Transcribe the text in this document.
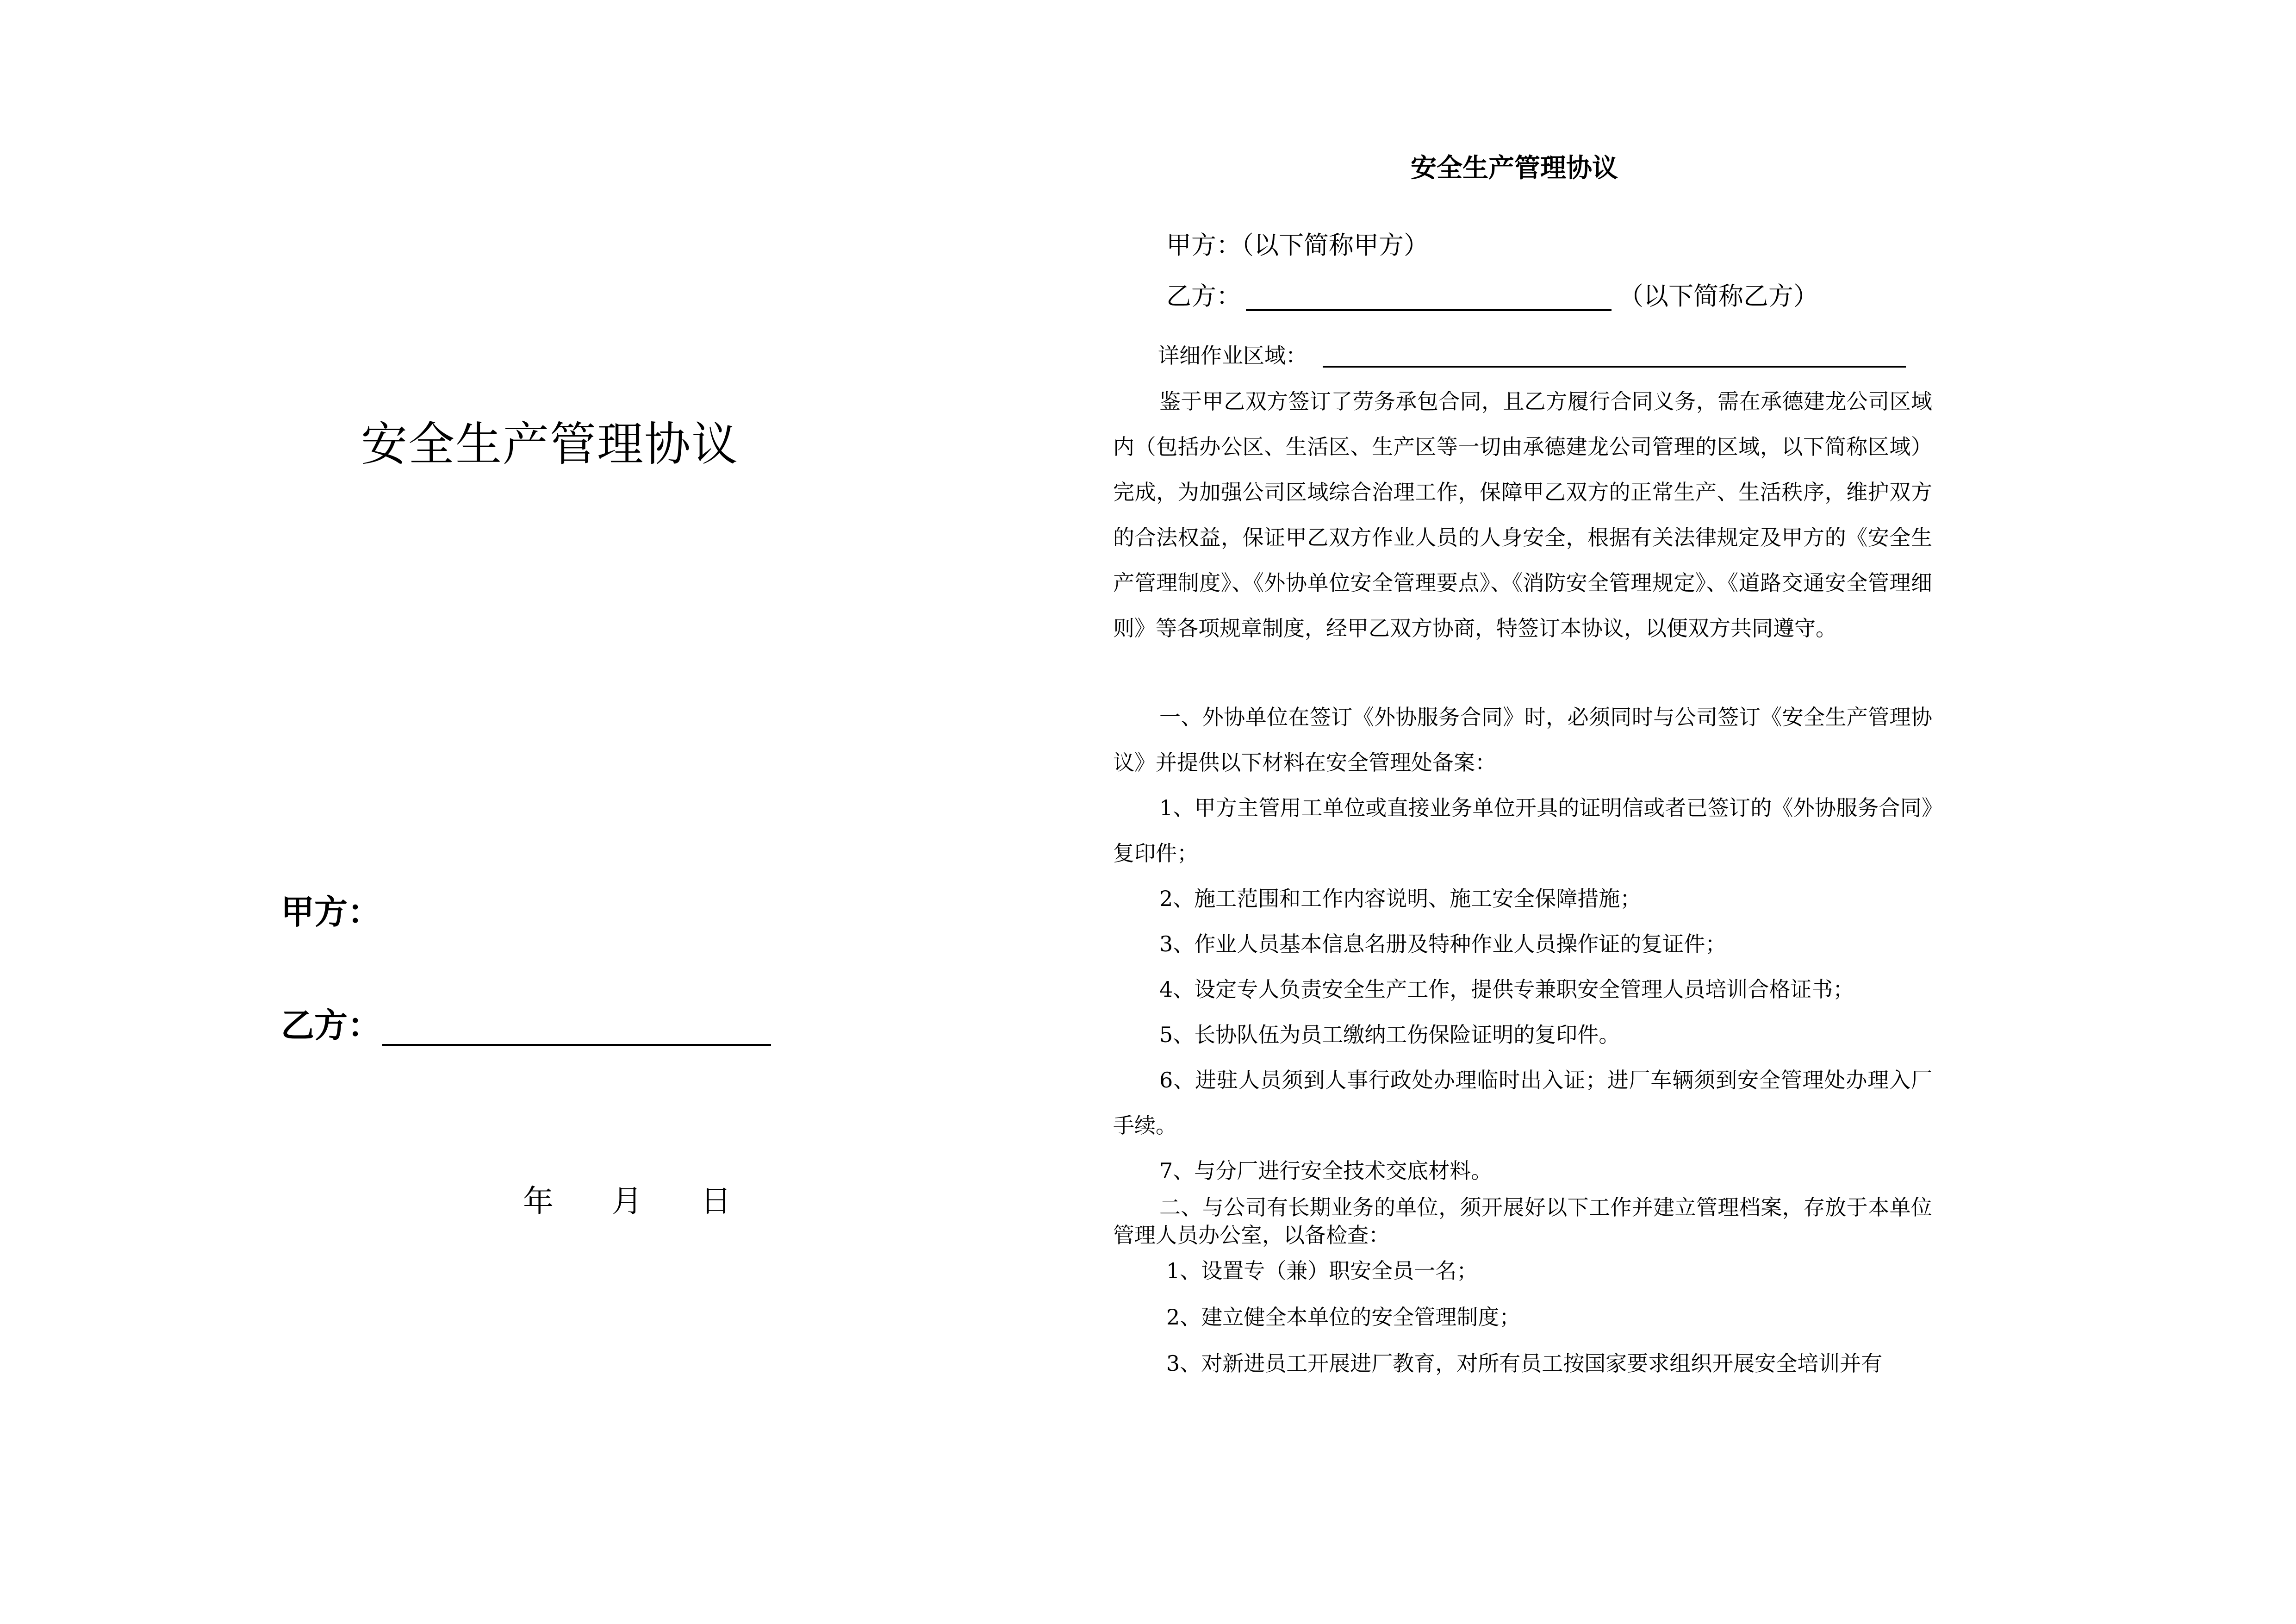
安全生产管理协议
甲方：
乙方：
年      月      日
安全生产管理协议
甲方：（以下简称甲方）
乙方：	（以下简称乙方）
详细作业区域：
鉴于甲乙双方签订了劳务承包合同，且乙方履行合同义务，需在承德建龙公司区域内（包括办公区、生活区、生产区等一切由承德建龙公司管理的区域，以下简称区域）完成，为加强公司区域综合治理工作，保障甲乙双方的正常生产、生活秩序，维护双方的合法权益，保证甲乙双方作业人员的人身安全，根据有关法律规定及甲方的《安全生产管理制度》、《外协单位安全管理要点》、《消防安全管理规定》、《道路交通安全管理细则》等各项规章制度，经甲乙双方协商，特签订本协议，以便双方共同遵守。
一、外协单位在签订《外协服务合同》时，必须同时与公司签订《安全生产管理协议》并提供以下材料在安全管理处备案：
1、甲方主管用工单位或直接业务单位开具的证明信或者已签订的《外协服务合同》复印件；
2、施工范围和工作内容说明、施工安全保障措施；
3、作业人员基本信息名册及特种作业人员操作证的复证件；
4、设定专人负责安全生产工作，提供专兼职安全管理人员培训合格证书；
5、长协队伍为员工缴纳工伤保险证明的复印件。
6、进驻人员须到人事行政处办理临时出入证；进厂车辆须到安全管理处办理入厂手续。
7、与分厂进行安全技术交底材料。
二、与公司有长期业务的单位，须开展好以下工作并建立管理档案，存放于本单位管理人员办公室，以备检查：
1、设置专（兼）职安全员一名；
2、建立健全本单位的安全管理制度；
3、对新进员工开展进厂教育，对所有员工按国家要求组织开展安全培训并有
